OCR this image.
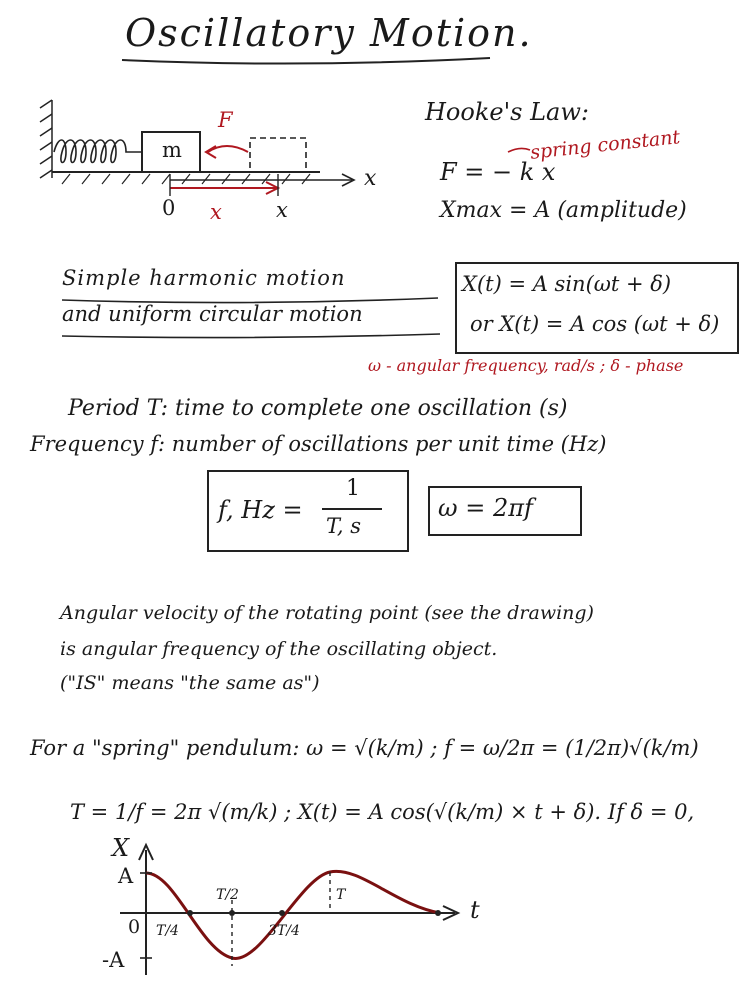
Oscillatory Motion.
m
F
x
x
0	x
Hooke's Law:
F = − k x
spring constant
Xmax = A (amplitude)
Simple harmonic motion
and uniform circular motion
X(t) = A sin(ωt + δ)
or X(t) = A cos (ωt + δ)
ω - angular frequency, rad/s ; δ - phase
Period T: time to complete one oscillation (s)
Frequency f: number of oscillations per unit time (Hz)
f, Hz =
1
T, s
ω = 2πf
Angular velocity of the rotating point (see the drawing)
is angular frequency of the oscillating object.
("IS" means "the same as")
For a "spring" pendulum: ω = √(k/m) ; f = ω/2π = (1/2π)√(k/m)
T = 1/f = 2π √(m/k) ; X(t) = A cos(√(k/m) × t + δ). If δ = 0,
X
t
A
-A
0 T/4
T/2
3T/4
T
